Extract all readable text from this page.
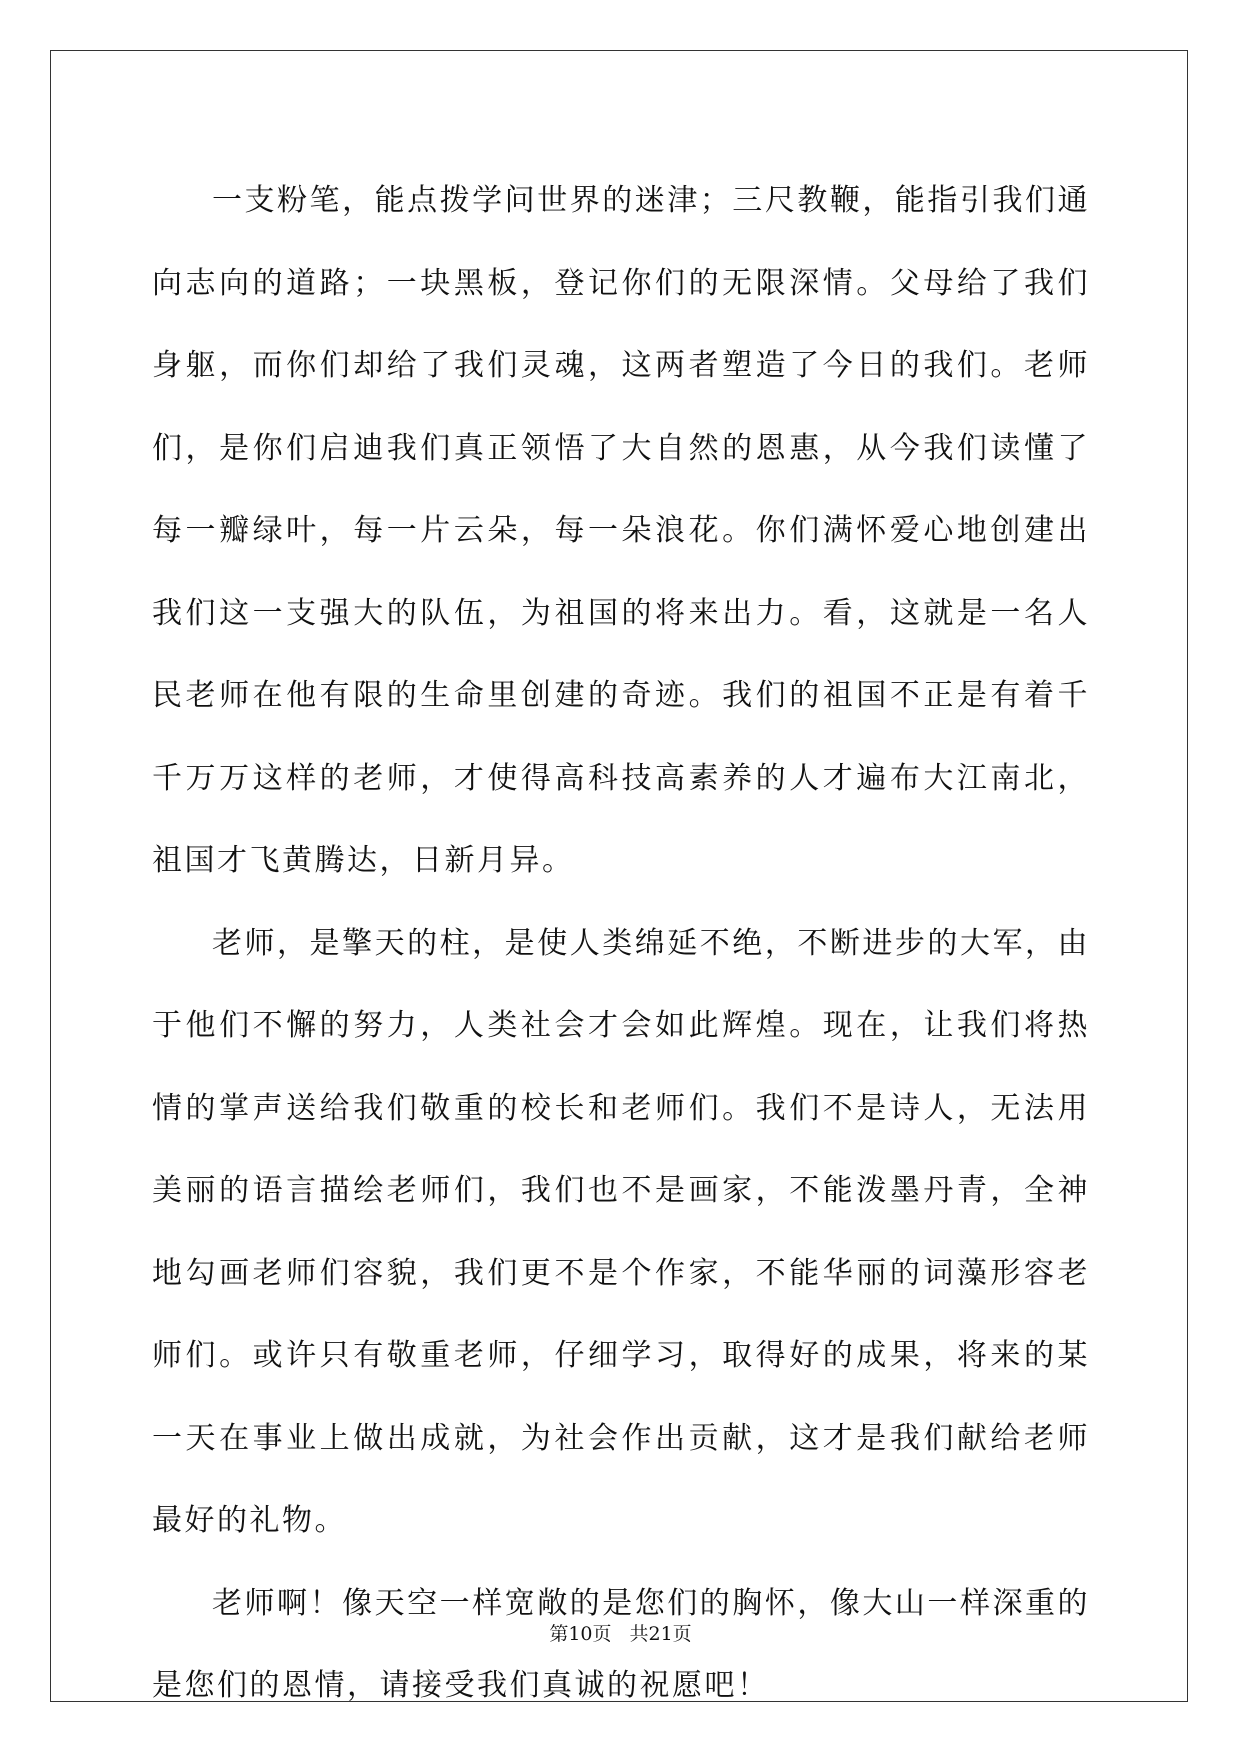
一支粉笔，能点拨学问世界的迷津；三尺教鞭，能指引我们通向志向的道路；一块黑板，登记你们的无限深情。父母给了我们身躯，而你们却给了我们灵魂，这两者塑造了今日的我们。老师们，是你们启迪我们真正领悟了大自然的恩惠，从今我们读懂了每一瓣绿叶，每一片云朵，每一朵浪花。你们满怀爱心地创建出我们这一支强大的队伍，为祖国的将来出力。看，这就是一名人民老师在他有限的生命里创建的奇迹。我们的祖国不正是有着千千万万这样的老师，才使得高科技高素养的人才遍布大江南北，祖国才飞黄腾达，日新月异。

老师，是擎天的柱，是使人类绵延不绝，不断进步的大军，由于他们不懈的努力，人类社会才会如此辉煌。现在，让我们将热情的掌声送给我们敬重的校长和老师们。我们不是诗人，无法用美丽的语言描绘老师们，我们也不是画家，不能泼墨丹青，全神地勾画老师们容貌，我们更不是个作家，不能华丽的词藻形容老师们。或许只有敬重老师，仔细学习，取得好的成果，将来的某一天在事业上做出成就，为社会作出贡献，这才是我们献给老师最好的礼物。

老师啊！像天空一样宽敞的是您们的胸怀，像大山一样深重的是您们的恩情，请接受我们真诚的祝愿吧！

第10页 共21页
